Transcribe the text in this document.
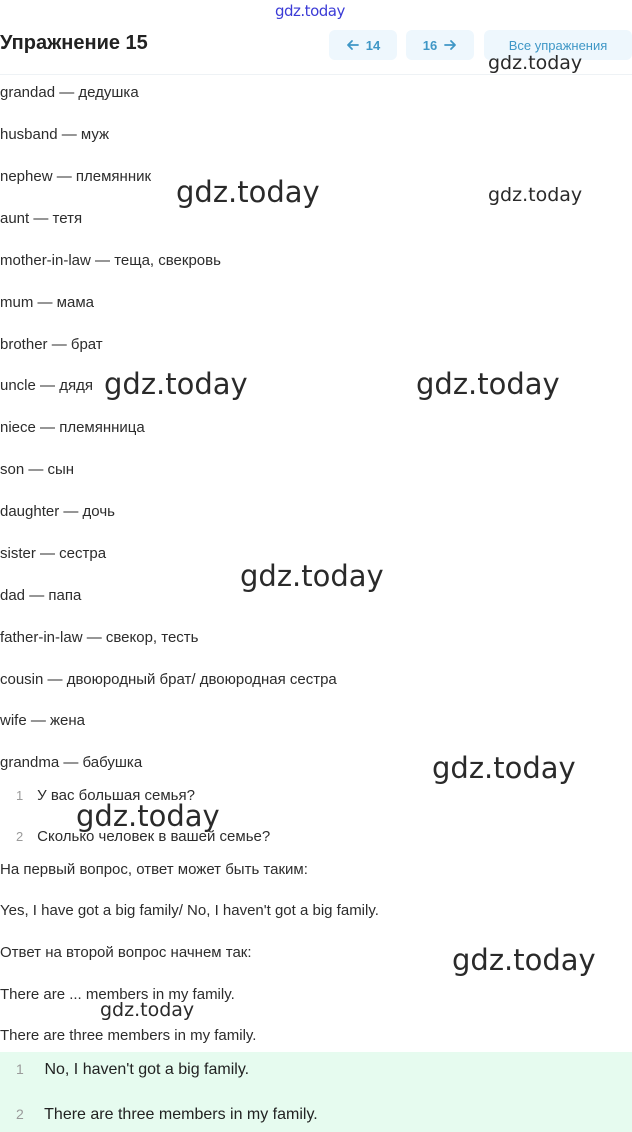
gdz.today
Упражнение 15	14	16	Все упражнения
grandad — дедушка
husband — муж
nephew — племянник
aunt — тетя
mother-in-law — теща, свекровь
mum — мама
brother — брат
uncle — дядя
niece — племянница
son — сын
daughter — дочь
sister — сестра
dad — папа
father-in-law — свекор, тесть
cousin — двоюродный брат/ двоюродная сестра
wife — жена
grandma — бабушка
1 У вас большая семья?
2 Сколько человек в вашей семье?
На первый вопрос, ответ может быть таким:
Yes, I have got a big family/ No, I haven't got a big family.
Ответ на второй вопрос начнем так:
There are ... members in my family.
There are three members in my family.
1 No, I haven't got a big family.
2 There are three members in my family.
gdz.today
gdz.today	gdz.today
gdz.today	gdz.today
gdz.today
gdz.today
gdz.today
gdz.today
gdz.today
